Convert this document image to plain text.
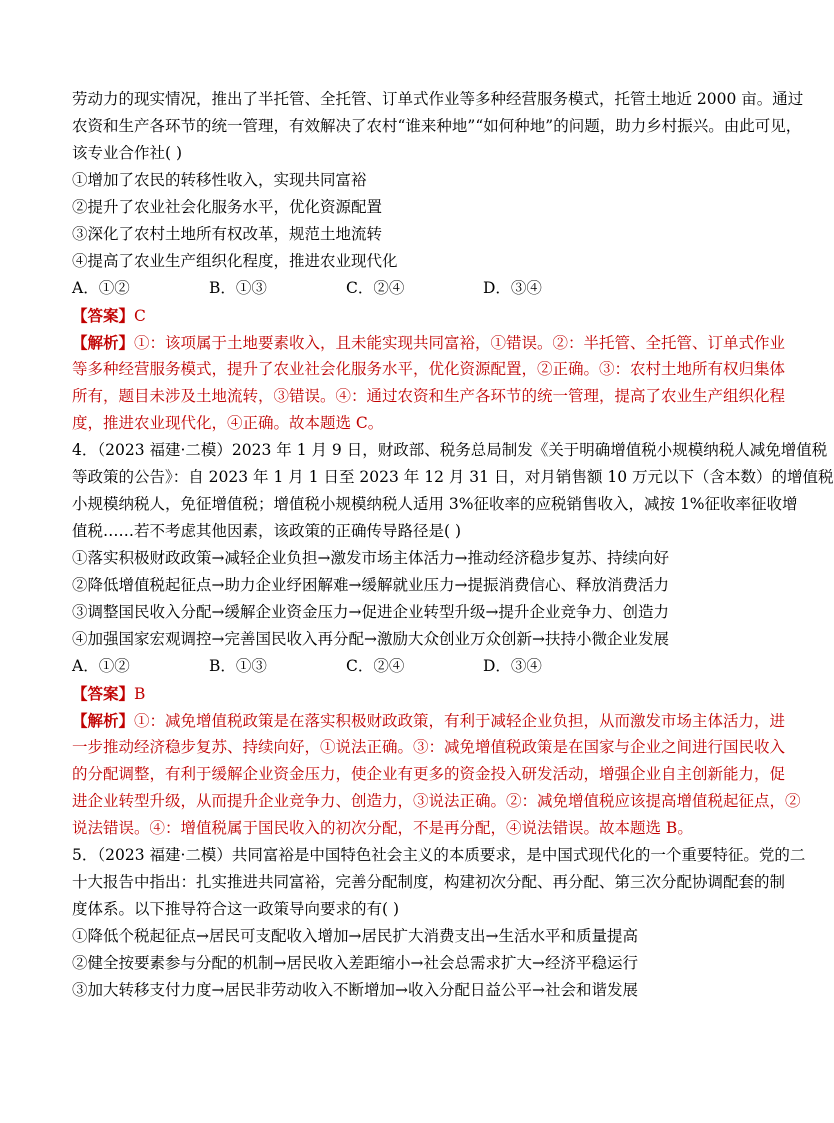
劳动力的现实情况，推出了半托管、全托管、订单式作业等多种经营服务模式，托管土地近 2000 亩。通过
农资和生产各环节的统一管理，有效解决了农村“谁来种地”“如何种地”的问题，助力乡村振兴。由此可见，
该专业合作社( )
①增加了农民的转移性收入，实现共同富裕
②提升了农业社会化服务水平，优化资源配置
③深化了农村土地所有权改革，规范土地流转
④提高了农业生产组织化程度，推进农业现代化
A．①②	B．①③	C．②④	D．③④
【答案】C
【解析】①：该项属于土地要素收入，且未能实现共同富裕，①错误。②：半托管、全托管、订单式作业
等多种经营服务模式，提升了农业社会化服务水平，优化资源配置，②正确。③：农村土地所有权归集体
所有，题目未涉及土地流转，③错误。④：通过农资和生产各环节的统一管理，提高了农业生产组织化程
度，推进农业现代化，④正确。故本题选 C。
4．（2023 福建·二模）2023 年 1 月 9 日，财政部、税务总局制发《关于明确增值税小规模纳税人减免增值税
等政策的公告》：自 2023 年 1 月 1 日至 2023 年 12 月 31 日，对月销售额 10 万元以下（含本数）的增值税
小规模纳税人，免征增值税；增值税小规模纳税人适用 3%征收率的应税销售收入，减按 1%征收率征收增
值税……若不考虑其他因素，该政策的正确传导路径是( )
①落实积极财政政策→减轻企业负担→激发市场主体活力→推动经济稳步复苏、持续向好
②降低增值税起征点→助力企业纾困解难→缓解就业压力→提振消费信心、释放消费活力
③调整国民收入分配→缓解企业资金压力→促进企业转型升级→提升企业竞争力、创造力
④加强国家宏观调控→完善国民收入再分配→激励大众创业万众创新→扶持小微企业发展
A．①②	B．①③	C．②④	D．③④
【答案】B
【解析】①：减免增值税政策是在落实积极财政政策，有利于减轻企业负担，从而激发市场主体活力，进
一步推动经济稳步复苏、持续向好，①说法正确。③：减免增值税政策是在国家与企业之间进行国民收入
的分配调整，有利于缓解企业资金压力，使企业有更多的资金投入研发活动，增强企业自主创新能力，促
进企业转型升级，从而提升企业竞争力、创造力，③说法正确。②：减免增值税应该提高增值税起征点，②
说法错误。④：增值税属于国民收入的初次分配，不是再分配，④说法错误。故本题选 B。
5．（2023 福建·二模）共同富裕是中国特色社会主义的本质要求，是中国式现代化的一个重要特征。党的二
十大报告中指出：扎实推进共同富裕，完善分配制度，构建初次分配、再分配、第三次分配协调配套的制
度体系。以下推导符合这一政策导向要求的有( )
①降低个税起征点→居民可支配收入增加→居民扩大消费支出→生活水平和质量提高
②健全按要素参与分配的机制→居民收入差距缩小→社会总需求扩大→经济平稳运行
③加大转移支付力度→居民非劳动收入不断增加→收入分配日益公平→社会和谐发展
